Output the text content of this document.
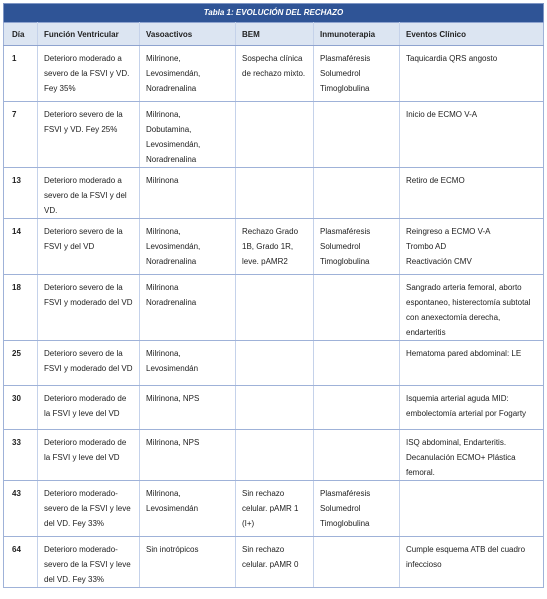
Tabla 1: EVOLUCIÓN DEL RECHAZO
Día	Función Ventricular	Vasoactivos	BEM	Inmunoterapia	Eventos Clínico
1	Deterioro moderado a severo de la FSVI y VD. Fey 35%	Milrinone,
Levosimendán,
Noradrenalina	Sospecha clínica de rechazo mixto.	Plasmaféresis
Solumedrol
Timoglobulina	Taquicardia QRS angosto
7	Deterioro severo de la FSVI y VD. Fey 25%	Milrinona,
Dobutamina,
Levosimendán,
Noradrenalina			Inicio de ECMO V-A
13	Deterioro moderado a severo de la FSVI y del VD.	Milrinona			Retiro de ECMO
14	Deterioro severo de la FSVI y del VD	Milrinona,
Levosimendán,
Noradrenalina	Rechazo Grado 1B, Grado 1R, leve. pAMR2	Plasmaféresis
Solumedrol
Timoglobulina	Reingreso a ECMO V-A
Trombo AD
Reactivación CMV
18	Deterioro severo de la FSVI y moderado del VD	Milrinona
Noradrenalina			Sangrado arteria femoral, aborto espontaneo, histerectomía subtotal con anexectomía derecha, endarteritis
25	Deterioro severo de la FSVI y moderado del VD	Milrinona,
Levosimendán			Hematoma pared abdominal: LE
30	Deterioro moderado de la FSVI y leve del VD	Milrinona, NPS			Isquemia arterial aguda MID: embolectomía arterial por Fogarty
33	Deterioro moderado de la FSVI y leve del VD	Milrinona, NPS			ISQ abdominal, Endarteritis. Decanulación ECMO+ Plástica femoral.
43	Deterioro moderado-severo de la FSVI y leve del VD. Fey 33%	Milrinona,
Levosimendán	Sin rechazo celular. pAMR 1 (I+)	Plasmaféresis
Solumedrol
Timoglobulina	
64	Deterioro moderado-severo de la FSVI y leve del VD. Fey 33%	Sin inotrópicos	Sin rechazo celular. pAMR 0		Cumple esquema ATB del cuadro infeccioso
